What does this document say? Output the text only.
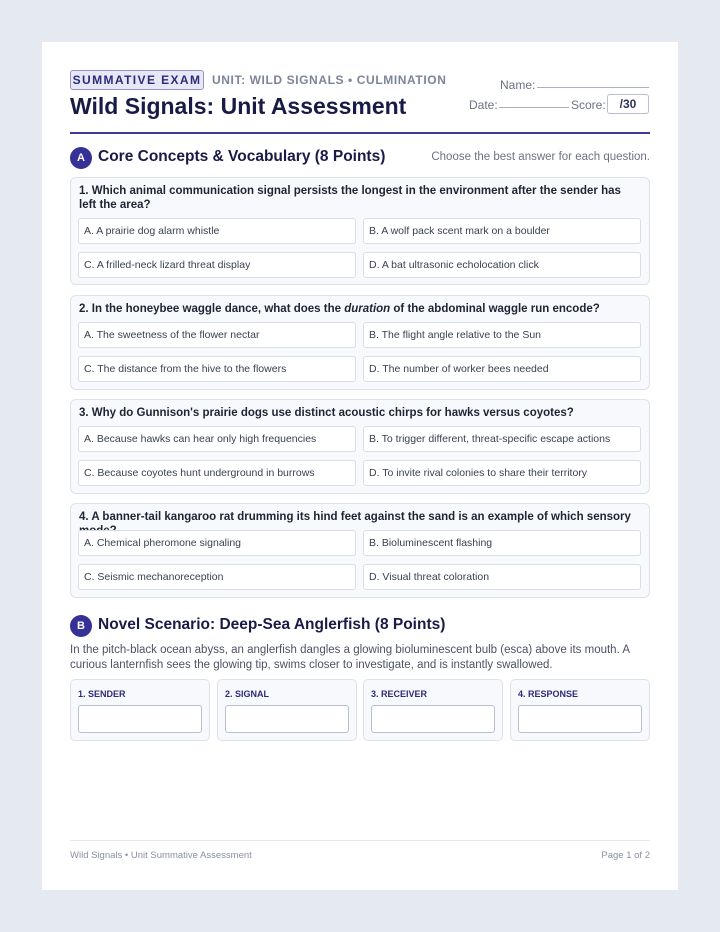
SUMMATIVE EXAM UNIT: WILD SIGNALS • CULMINATION
Wild Signals: Unit Assessment
Name:
Date:	Score:	/30
A Core Concepts & Vocabulary (8 Points)	Choose the best answer for each question.
1. Which animal communication signal persists the longest in the environment after the sender has left the area?
A. A prairie dog alarm whistle	B. A wolf pack scent mark on a boulder
C. A frilled-neck lizard threat display	D. A bat ultrasonic echolocation click
2. In the honeybee waggle dance, what does the duration of the abdominal waggle run encode?
A. The sweetness of the flower nectar	B. The flight angle relative to the Sun
C. The distance from the hive to the flowers	D. The number of worker bees needed
3. Why do Gunnison's prairie dogs use distinct acoustic chirps for hawks versus coyotes?
A. Because hawks can hear only high frequencies	B. To trigger different, threat-specific escape actions
C. Because coyotes hunt underground in burrows	D. To invite rival colonies to share their territory
4. A banner-tail kangaroo rat drumming its hind feet against the sand is an example of which sensory
A. Chemical pheromone signaling	B. Bioluminescent flashing
C. Seismic mechanoreception	D. Visual threat coloration
B Novel Scenario: Deep-Sea Anglerfish (8 Points)
In the pitch-black ocean abyss, an anglerfish dangles a glowing bioluminescent bulb (esca) above its mouth. A curious lanternfish sees the glowing tip, swims closer to investigate, and is instantly swallowed.
1. SENDER	2. SIGNAL	3. RECEIVER	4. RESPONSE
Wild Signals • Unit Summative Assessment	Page 1 of 2
